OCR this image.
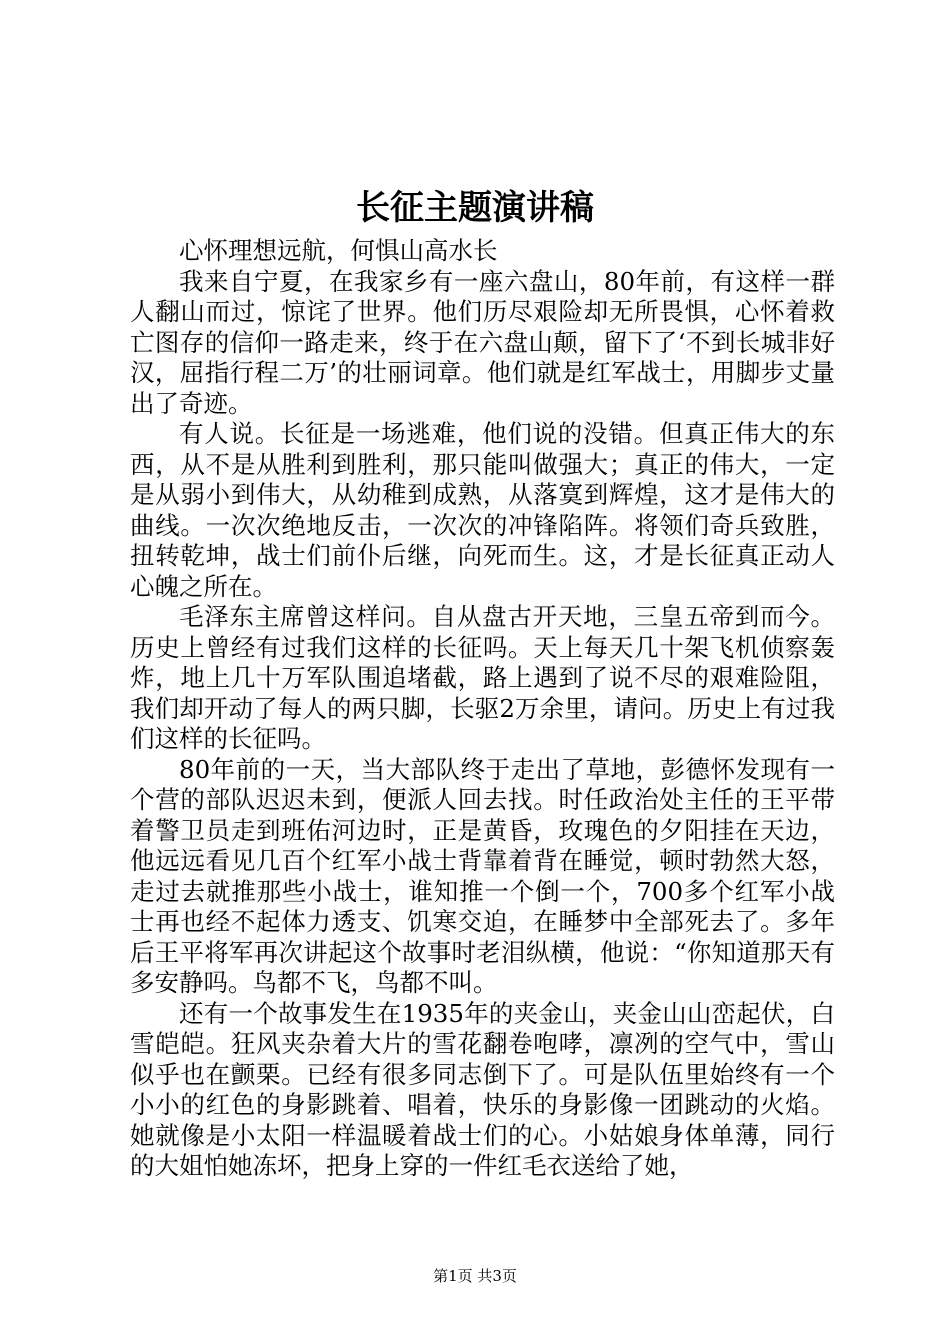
长征主题演讲稿

心怀理想远航，何惧山高水长

我来自宁夏，在我家乡有一座六盘山，80年前，有这样一群人翻山而过，惊诧了世界。他们历尽艰险却无所畏惧，心怀着救亡图存的信仰一路走来，终于在六盘山颠，留下了‘不到长城非好汉，屈指行程二万’的壮丽词章。他们就是红军战士，用脚步丈量出了奇迹。

有人说。长征是一场逃难，他们说的没错。但真正伟大的东西，从不是从胜利到胜利，那只能叫做强大；真正的伟大，一定是从弱小到伟大，从幼稚到成熟，从落寞到辉煌，这才是伟大的曲线。一次次绝地反击，一次次的冲锋陷阵。将领们奇兵致胜，扭转乾坤，战士们前仆后继，向死而生。这，才是长征真正动人心魄之所在。

毛泽东主席曾这样问。自从盘古开天地，三皇五帝到而今。历史上曾经有过我们这样的长征吗。天上每天几十架飞机侦察轰炸，地上几十万军队围追堵截，路上遇到了说不尽的艰难险阻，我们却开动了每人的两只脚，长驱2万余里，请问。历史上有过我们这样的长征吗。

80年前的一天，当大部队终于走出了草地，彭德怀发现有一个营的部队迟迟未到，便派人回去找。时任政治处主任的王平带着警卫员走到班佑河边时，正是黄昏，玫瑰色的夕阳挂在天边，他远远看见几百个红军小战士背靠着背在睡觉，顿时勃然大怒，走过去就推那些小战士，谁知推一个倒一个，700多个红军小战士再也经不起体力透支、饥寒交迫，在睡梦中全部死去了。多年后王平将军再次讲起这个故事时老泪纵横，他说：“你知道那天有多安静吗。鸟都不飞，鸟都不叫。

还有一个故事发生在1935年的夹金山，夹金山山峦起伏，白雪皑皑。狂风夹杂着大片的雪花翻卷咆哮，凛冽的空气中，雪山似乎也在颤栗。已经有很多同志倒下了。可是队伍里始终有一个小小的红色的身影跳着、唱着，快乐的身影像一团跳动的火焰。她就像是小太阳一样温暖着战士们的心。小姑娘身体单薄，同行的大姐怕她冻坏，把身上穿的一件红毛衣送给了她，

第1页 共3页
